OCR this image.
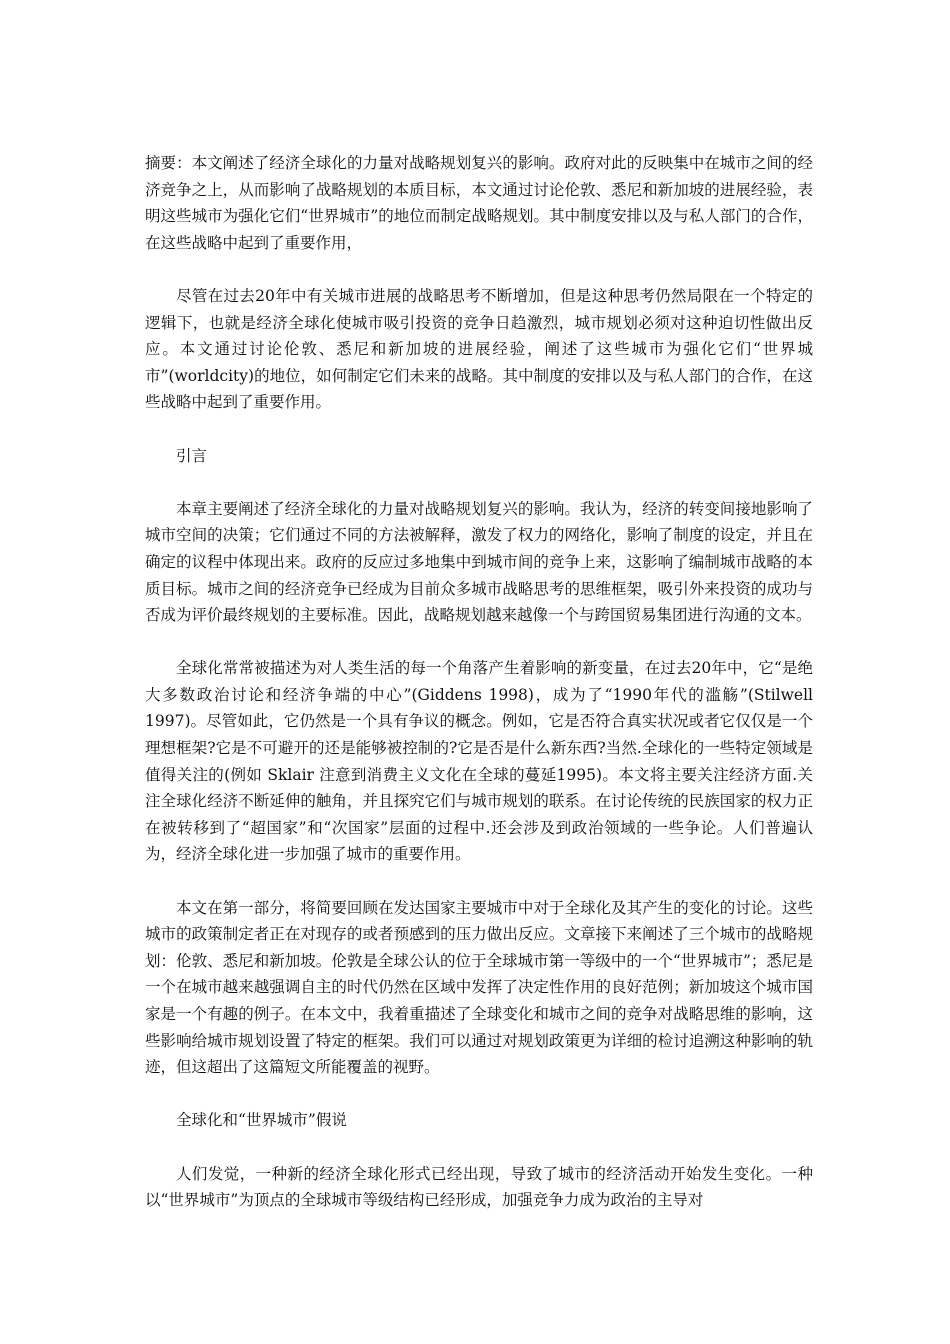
摘要：本文阐述了经济全球化的力量对战略规划复兴的影响。政府对此的反映集中在城市之间的经济竞争之上，从而影响了战略规划的本质目标，本文通过讨论伦敦、悉尼和新加坡的进展经验，表明这些城市为强化它们“世界城市”的地位而制定战略规划。其中制度安排以及与私人部门的合作，在这些战略中起到了重要作用，

尽管在过去20年中有关城市进展的战略思考不断增加，但是这种思考仍然局限在一个特定的逻辑下，也就是经济全球化使城市吸引投资的竞争日趋激烈，城市规划必须对这种迫切性做出反应。本文通过讨论伦敦、悉尼和新加坡的进展经验，阐述了这些城市为强化它们“世界城市”(worldcity)的地位，如何制定它们未来的战略。其中制度的安排以及与私人部门的合作，在这些战略中起到了重要作用。

引言

本章主要阐述了经济全球化的力量对战略规划复兴的影响。我认为，经济的转变间接地影响了城市空间的决策；它们通过不同的方法被解释，激发了权力的网络化，影响了制度的设定，并且在确定的议程中体现出来。政府的反应过多地集中到城市间的竞争上来，这影响了编制城市战略的本质目标。城市之间的经济竞争已经成为目前众多城市战略思考的思维框架，吸引外来投资的成功与否成为评价最终规划的主要标准。因此，战略规划越来越像一个与跨国贸易集团进行沟通的文本。

全球化常常被描述为对人类生活的每一个角落产生着影响的新变量，在过去20年中，它“是绝大多数政治讨论和经济争端的中心”(Giddens 1998)，成为了“1990年代的滥觞”(Stilwell 1997)。尽管如此，它仍然是一个具有争议的概念。例如，它是否符合真实状况或者它仅仅是一个理想框架?它是不可避开的还是能够被控制的?它是否是什么新东西?当然.全球化的一些特定领域是值得关注的(例如 Sklair 注意到消费主义文化在全球的蔓延1995)。本文将主要关注经济方面.关注全球化经济不断延伸的触角，并且探究它们与城市规划的联系。在讨论传统的民族国家的权力正在被转移到了“超国家”和“次国家”层面的过程中.还会涉及到政治领域的一些争论。人们普遍认为，经济全球化进一步加强了城市的重要作用。

本文在第一部分，将简要回顾在发达国家主要城市中对于全球化及其产生的变化的讨论。这些城市的政策制定者正在对现存的或者预感到的压力做出反应。文章接下来阐述了三个城市的战略规划：伦敦、悉尼和新加坡。伦敦是全球公认的位于全球城市第一等级中的一个“世界城市”；悉尼是一个在城市越来越强调自主的时代仍然在区域中发挥了决定性作用的良好范例；新加坡这个城市国家是一个有趣的例子。在本文中，我着重描述了全球变化和城市之间的竞争对战略思维的影响，这些影响给城市规划设置了特定的框架。我们可以通过对规划政策更为详细的检讨追溯这种影响的轨迹，但这超出了这篇短文所能覆盖的视野。

全球化和“世界城市”假说

人们发觉，一种新的经济全球化形式已经出现，导致了城市的经济活动开始发生变化。一种以“世界城市”为顶点的全球城市等级结构已经形成，加强竞争力成为政治的主导对
